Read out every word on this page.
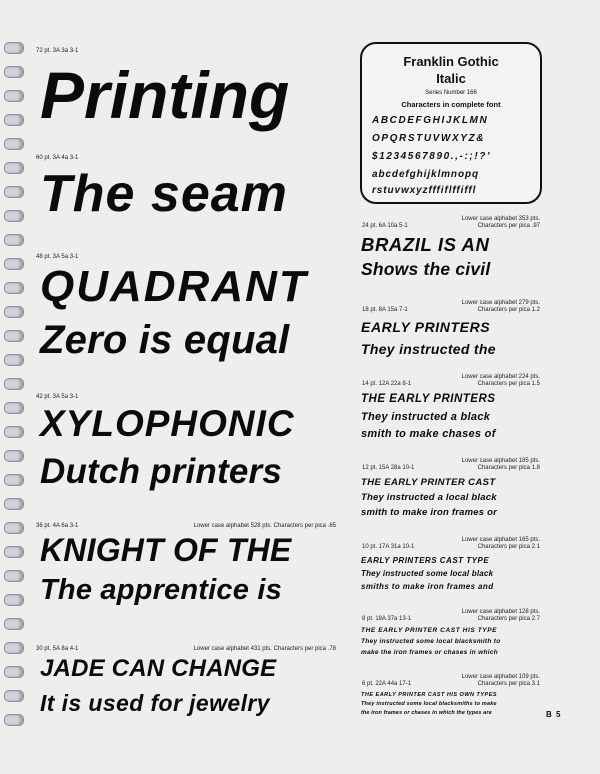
72 pt. 3A 3a 3-1
Printing
60 pt. 3A 4a 3-1
The seam
48 pt. 3A 5a 3-1
QUADRANT
Zero is equal
42 pt. 3A 5a 3-1
XYLOPHONIC
Dutch printers
36 pt. 4A 6a 3-1	Lower case alphabet 528 pts. Characters per pica .65
KNIGHT OF THE
The apprentice is
30 pt. 5A 8a 4-1	Lower case alphabet 431 pts. Characters per pica .78
JADE CAN CHANGE
It is used for jewelry
Franklin Gothic
Italic
Series Number 166
Characters in complete font
ABCDEFGHIJKLMN
OPQRSTUVWXYZ&
$1234567890.,-:;!?'
abcdefghijklmnopq
rstuvwxyzfffiflffiffl
Lower case alphabet 353 pts.
24 pt. 6A 10a 5-1	Characters per pica .97
BRAZIL IS AN
Shows the civil
Lower case alphabet 279 pts.
18 pt. 8A 15a 7-1	Characters per pica 1.2
EARLY PRINTERS
They instructed the
Lower case alphabet 224 pts.
14 pt. 12A 22a 8-1	Characters per pica 1.5
THE EARLY PRINTERS
They instructed a black
smith to make chases of
Lower case alphabet 185 pts.
12 pt. 15A 28a 10-1	Characters per pica 1.8
THE EARLY PRINTER CAST
They instructed a local black
smith to make iron frames or
Lower case alphabet 165 pts.
10 pt. 17A 31a 10-1	Characters per pica 2.1
EARLY PRINTERS CAST TYPE
They instructed some local black
smiths to make iron frames and
Lower case alphabet 128 pts.
8 pt. 18A 37a 13-1	Characters per pica 2.7
THE EARLY PRINTER CAST HIS TYPE
They instructed some local blacksmith to
make the iron frames or chases in which
Lower case alphabet 109 pts.
6 pt. 22A 44a 17-1	Characters per pica 3.1
THE EARLY PRINTER CAST HIS OWN TYPES
They instructed some local blacksmiths to make
the iron frames or chases in which the types are	B 5
